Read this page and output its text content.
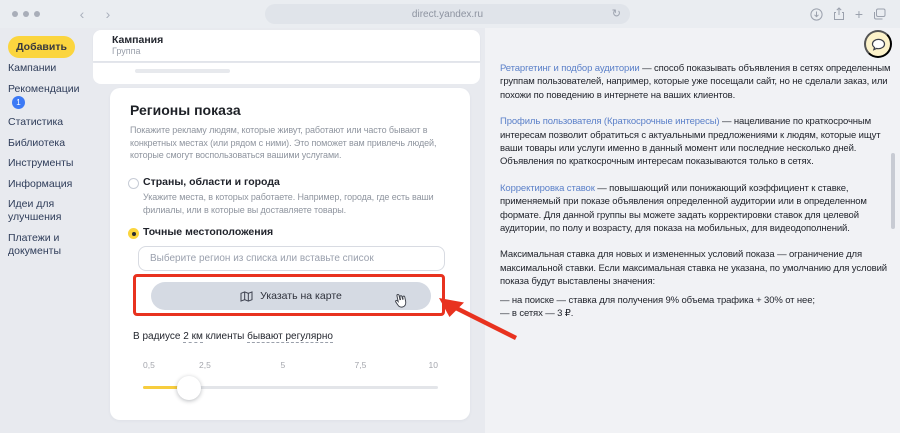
‹	›	direct.yandex.ru	↻	+
Добавить
Кампании
Рекомендации1
Статистика
Библиотека
Инструменты
Информация
Идеи для улучшения
Платежи и документы
Кампания
Группа

Ретаргетинг и подбор аудитории — способ показывать объявления в сетях определенным группам пользователей, например, которые уже посещали сайт, но не сделали заказ, или похожи по поведению в интернете на ваших клиентов.

Профиль пользователя (Краткосрочные интересы) — нацеливание по краткосрочным интересам позволит обратиться с актуальными предложениями к людям, которые ищут ваши товары или услуги именно в данный момент или последние несколько дней. Объявления по краткосрочным интересам показываются только в сетях.

Корректировка ставок — повышающий или понижающий коэффициент к ставке, применяемый при показе объявления определенной аудитории или в определенном формате. Для данной группы вы можете задать корректировки ставок для целевой аудитории, по полу и возрасту, для показа на мобильных, для видеодополнений.

Максимальная ставка для новых и измененных условий показа — ограничение для максимальной ставки. Если максимальная ставка не указана, по умолчанию для условий показа будут выставлены значения:

— на поиске — ставка для получения 9% объема трафика + 30% от нее;
— в сетях — 3 ₽.
Регионы показа
Покажите рекламу людям, которые живут, работают или часто бывают в конкретных местах (или рядом с ними). Это поможет вам привлечь людей, которые смогут воспользоваться вашими услугами.
Страны, области и города
Укажите места, в которых работаете. Например, города, где есть ваши филиалы, или в которые вы доставляете товары.
Точные местоположения
Выберите регион из списка или вставьте список
Указать на карте
В радиусе 2 км клиенты бывают регулярно
0,5	2,5	5	7,5	10
